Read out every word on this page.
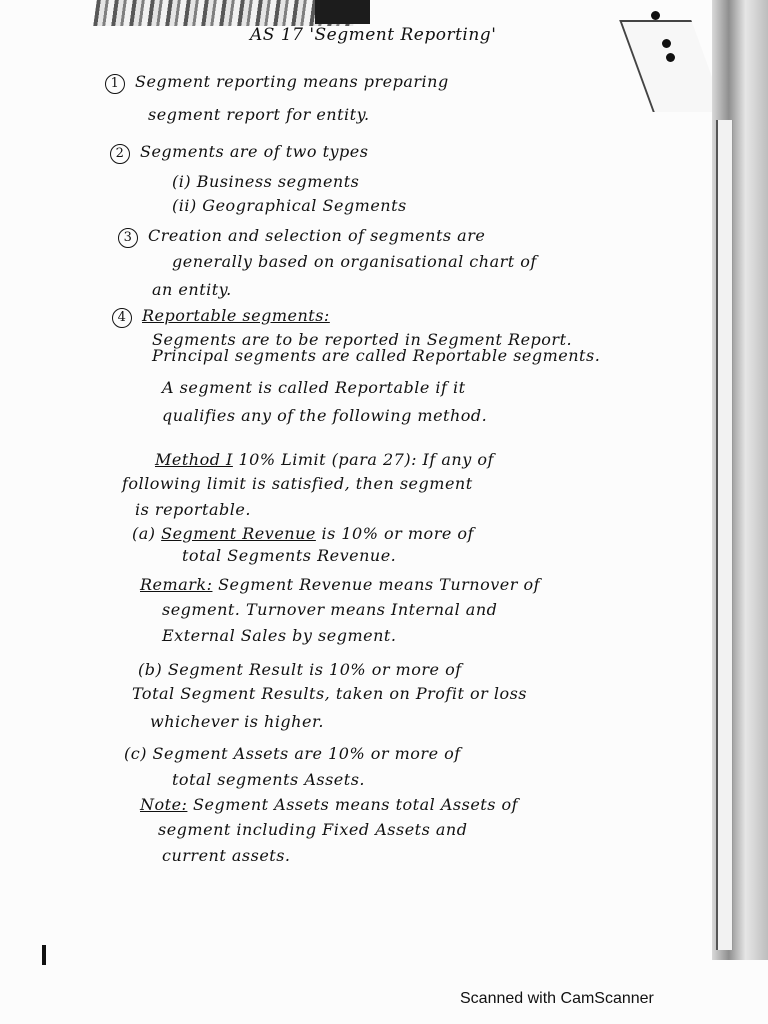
AS 17 'Segment Reporting'
1 Segment reporting means preparing
segment report for entity.
2 Segments are of two types
(i) Business segments
(ii) Geographical Segments
3 Creation and selection of segments are
generally based on organisational chart of
an entity.
4 Reportable segments:
Segments are to be reported in Segment Report.
Principal segments are called Reportable segments.
A segment is called Reportable if it
qualifies any of the following method.
Method I 10% Limit (para 27): If any of
following limit is satisfied, then segment
is reportable.
(a) Segment Revenue is 10% or more of
total Segments Revenue.
Remark: Segment Revenue means Turnover of
segment. Turnover means Internal and
External Sales by segment.
(b) Segment Result is 10% or more of
Total Segment Results, taken on Profit or loss
whichever is higher.
(c) Segment Assets are 10% or more of
total segments Assets.
Note: Segment Assets means total Assets of
segment including Fixed Assets and
current assets.
Scanned with CamScanner
